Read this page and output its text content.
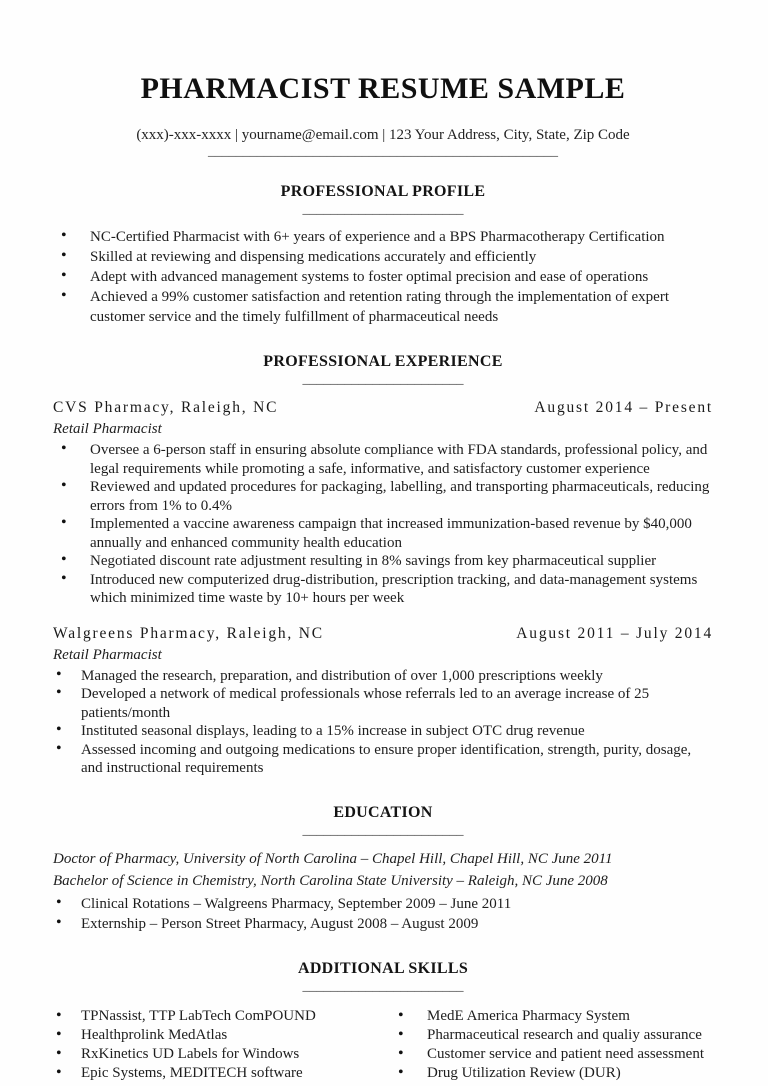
PHARMACIST RESUME SAMPLE

(xxx)-xxx-xxxx | yourname@email.com | 123 Your Address, City, State, Zip Code

__________________________________________________
PROFESSIONAL PROFILE
_______________________
• NC-Certified Pharmacist with 6+ years of experience and a BPS Pharmacotherapy Certification
• Skilled at reviewing and dispensing medications accurately and efficiently
• Adept with advanced management systems to foster optimal precision and ease of operations
• Achieved a 99% customer satisfaction and retention rating through the implementation of expert customer service and the timely fulfillment of pharmaceutical needs
PROFESSIONAL EXPERIENCE
_______________________
CVS Pharmacy, Raleigh, NC	August 2014 – Present
Retail Pharmacist
• Oversee a 6-person staff in ensuring absolute compliance with FDA standards, professional policy, and legal requirements while promoting a safe, informative, and satisfactory customer experience
• Reviewed and updated procedures for packaging, labelling, and transporting pharmaceuticals, reducing errors from 1% to 0.4%
• Implemented a vaccine awareness campaign that increased immunization-based revenue by $40,000 annually and enhanced community health education
• Negotiated discount rate adjustment resulting in 8% savings from key pharmaceutical supplier
• Introduced new computerized drug-distribution, prescription tracking, and data-management systems which minimized time waste by 10+ hours per week
Walgreens Pharmacy, Raleigh, NC	August 2011 – July 2014
Retail Pharmacist
• Managed the research, preparation, and distribution of over 1,000 prescriptions weekly
• Developed a network of medical professionals whose referrals led to an average increase of 25 patients/month
• Instituted seasonal displays, leading to a 15% increase in subject OTC drug revenue
• Assessed incoming and outgoing medications to ensure proper identification, strength, purity, dosage, and instructional requirements
EDUCATION
_______________________
Doctor of Pharmacy, University of North Carolina – Chapel Hill, Chapel Hill, NC June 2011
Bachelor of Science in Chemistry, North Carolina State University – Raleigh, NC June 2008
• Clinical Rotations – Walgreens Pharmacy, September 2009 – June 2011
• Externship – Person Street Pharmacy, August 2008 – August 2009
ADDITIONAL SKILLS
_______________________
• TPNassist, TTP LabTech ComPOUND
• Healthprolink MedAtlas
• RxKinetics UD Labels for Windows
• Epic Systems, MEDITECH software
• MedE America Pharmacy System
• Pharmaceutical research and qualiy assurance
• Customer service and patient need assessment
• Drug Utilization Review (DUR)
